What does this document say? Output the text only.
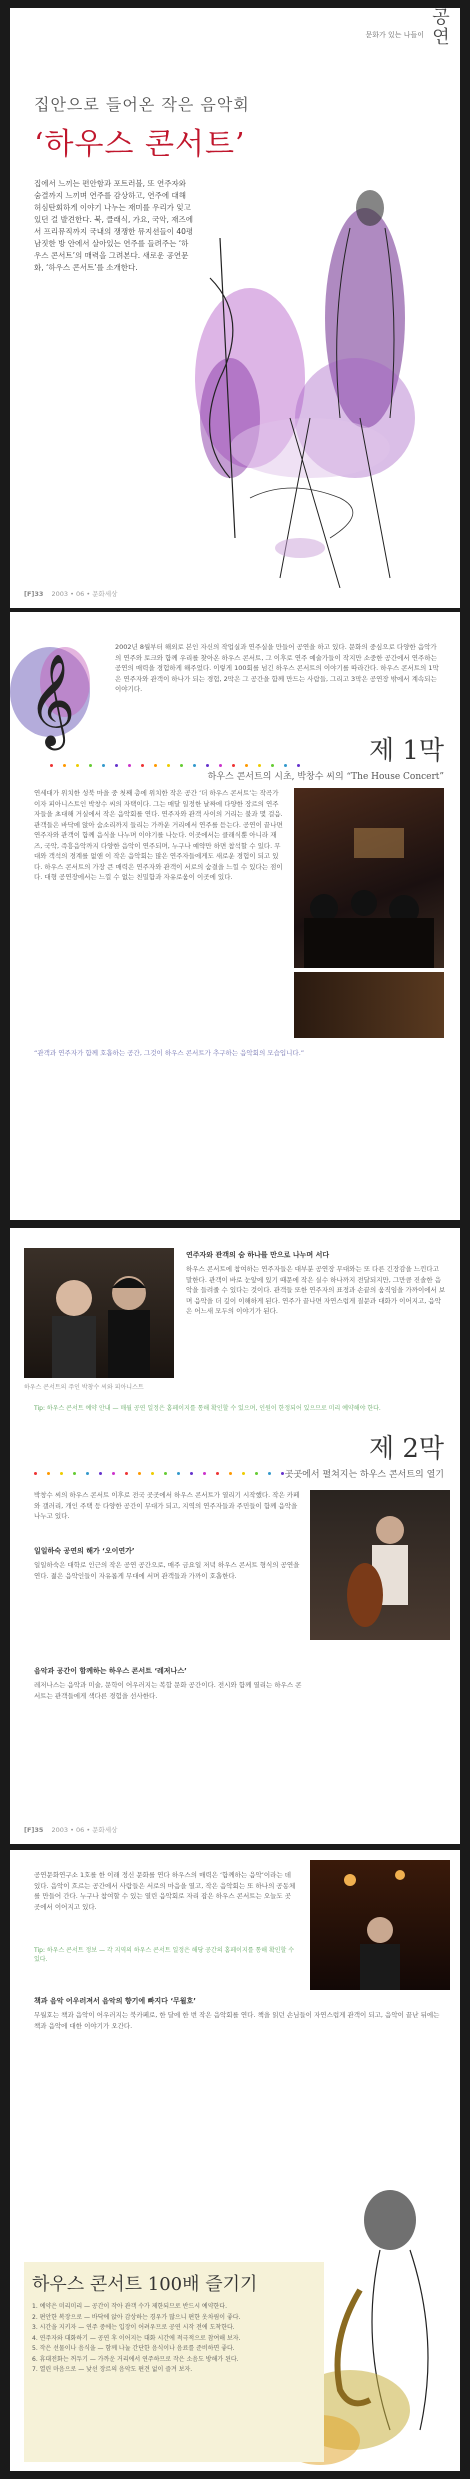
공
연
문화가 있는 나들이
집안으로 들어온 작은 음악회
‘하우스 콘서트’
집에서 느끼는 편안함과 포트러블, 또 연주자와 숨결까지 느끼며 연주를 감상하고, 연주에 대해 허심탄회하게 이야기 나누는 재미를 우리가 잊고 있던 걸 발견한다. 북, 클래식, 가요, 국악, 재즈에서 프리뮤직까지 국내의 쟁쟁한 뮤지션들이 40평 남짓한 방 안에서 살아있는 연주를 들려주는 ‘하우스 콘서트’의 매력을 그려본다. 새로운 공연문화, ‘하우스 콘서트’를 소개한다.
[F]33 2003 • 06 • 문화세상
𝄞
2002년 8월부터 해외로 본인 자신의 작업실과 연주실을 만들어 공연을 하고 있다. 문화의 중심으로 다양한 음악가의 연주와 토크와 함께 우리를 찾아온 하우스 콘서트, 그 이후로 연주 예술가들이 작지만 소중한 공간에서 연주하는 공연의 매력을 경험하게 해주었다. 이렇게 100회를 넘긴 하우스 콘서트의 이야기를 따라간다. 하우스 콘서트의 1막은 연주자와 관객이 하나가 되는 경험, 2막은 그 공간을 함께 만드는 사람들, 그리고 3막은 공연장 밖에서 계속되는 이야기다.
제 1막
하우스 콘서트의 시초, 박창수 씨의 “The House Concert”
연세대가 위치한 성북 마을 중 첫째 층에 위치한 작은 공간 ‘더 하우스 콘서트’는 작곡가이자 피아니스트인 박창수 씨의 자택이다. 그는 매달 일정한 날짜에 다양한 장르의 연주자들을 초대해 거실에서 작은 음악회를 연다. 연주자와 관객 사이의 거리는 불과 몇 걸음. 관객들은 바닥에 앉아 숨소리까지 들리는 가까운 거리에서 연주를 듣는다. 공연이 끝나면 연주자와 관객이 함께 음식을 나누며 이야기를 나눈다. 이곳에서는 클래식뿐 아니라 재즈, 국악, 즉흥음악까지 다양한 음악이 연주되며, 누구나 예약만 하면 참석할 수 있다. 무대와 객석의 경계를 없앤 이 작은 음악회는 많은 연주자들에게도 새로운 경험이 되고 있다. 하우스 콘서트의 가장 큰 매력은 연주자와 관객이 서로의 숨결을 느낄 수 있다는 점이다. 대형 공연장에서는 느낄 수 없는 친밀함과 자유로움이 이곳에 있다.
“관객과 연주자가 함께 호흡하는 공간, 그것이 하우스 콘서트가 추구하는 음악회의 모습입니다.”
하우스 콘서트의 주인 박창수 씨와 피아니스트
연주자와 관객의 숨 하나를 만으로 나누며 서다
하우스 콘서트에 참여하는 연주자들은 대부분 공연장 무대와는 또 다른 긴장감을 느낀다고 말한다. 관객이 바로 눈앞에 있기 때문에 작은 실수 하나까지 전달되지만, 그만큼 진솔한 음악을 들려줄 수 있다는 것이다. 관객들 또한 연주자의 표정과 손끝의 움직임을 가까이에서 보며 음악을 더 깊이 이해하게 된다. 연주가 끝나면 자연스럽게 질문과 대화가 이어지고, 음악은 어느새 모두의 이야기가 된다.
Tip: 하우스 콘서트 예약 안내 — 매월 공연 일정은 홈페이지를 통해 확인할 수 있으며, 인원이 한정되어 있으므로 미리 예약해야 한다.
제 2막
곳곳에서 펼쳐지는 하우스 콘서트의 열기
박창수 씨의 하우스 콘서트 이후로 전국 곳곳에서 하우스 콘서트가 열리기 시작했다. 작은 카페와 갤러리, 개인 주택 등 다양한 공간이 무대가 되고, 지역의 연주자들과 주민들이 함께 음악을 나누고 있다.
일일하숙 공연의 해가 ‘오이연가’
일일하숙은 대학로 인근의 작은 공연 공간으로, 매주 금요일 저녁 하우스 콘서트 형식의 공연을 연다. 젊은 음악인들이 자유롭게 무대에 서며 관객들과 가까이 호흡한다.
음악과 공간이 함께하는 하우스 콘서트 ‘레저나스’
레저나스는 음악과 미술, 문학이 어우러지는 복합 문화 공간이다. 전시와 함께 열리는 하우스 콘서트는 관객들에게 색다른 경험을 선사한다.
[F]35 2003 • 06 • 문화세상
공연문화연구소 1호를 한 이래 정신 문화를 연다 하우스의 매력은 ‘함께하는 음악’이라는 데 있다. 음악이 흐르는 공간에서 사람들은 서로의 마음을 열고, 작은 음악회는 또 하나의 공동체를 만들어 간다. 누구나 참여할 수 있는 열린 음악회로 자리 잡은 하우스 콘서트는 오늘도 곳곳에서 이어지고 있다.
Tip: 하우스 콘서트 정보 — 각 지역의 하우스 콘서트 일정은 해당 공간의 홈페이지를 통해 확인할 수 있다.
책과 음악 어우러져서 음악의 향기에 빠지다 ‘무월호’
무월호는 책과 음악이 어우러지는 북카페로, 한 달에 한 번 작은 음악회를 연다. 책을 읽던 손님들이 자연스럽게 관객이 되고, 음악이 끝난 뒤에는 책과 음악에 대한 이야기가 오간다.
하우스 콘서트 100배 즐기기
1. 예약은 미리미리 — 공간이 작아 관객 수가 제한되므로 반드시 예약한다.
2. 편안한 복장으로 — 바닥에 앉아 감상하는 경우가 많으니 편한 옷차림이 좋다.
3. 시간을 지키자 — 연주 중에는 입장이 어려우므로 공연 시작 전에 도착한다.
4. 연주자와 대화하기 — 공연 후 이어지는 대화 시간에 적극적으로 참여해 보자.
5. 작은 선물이나 음식을 — 함께 나눌 간단한 음식이나 음료를 준비하면 좋다.
6. 휴대전화는 꺼두기 — 가까운 거리에서 연주하므로 작은 소음도 방해가 된다.
7. 열린 마음으로 — 낯선 장르의 음악도 편견 없이 즐겨 보자.
